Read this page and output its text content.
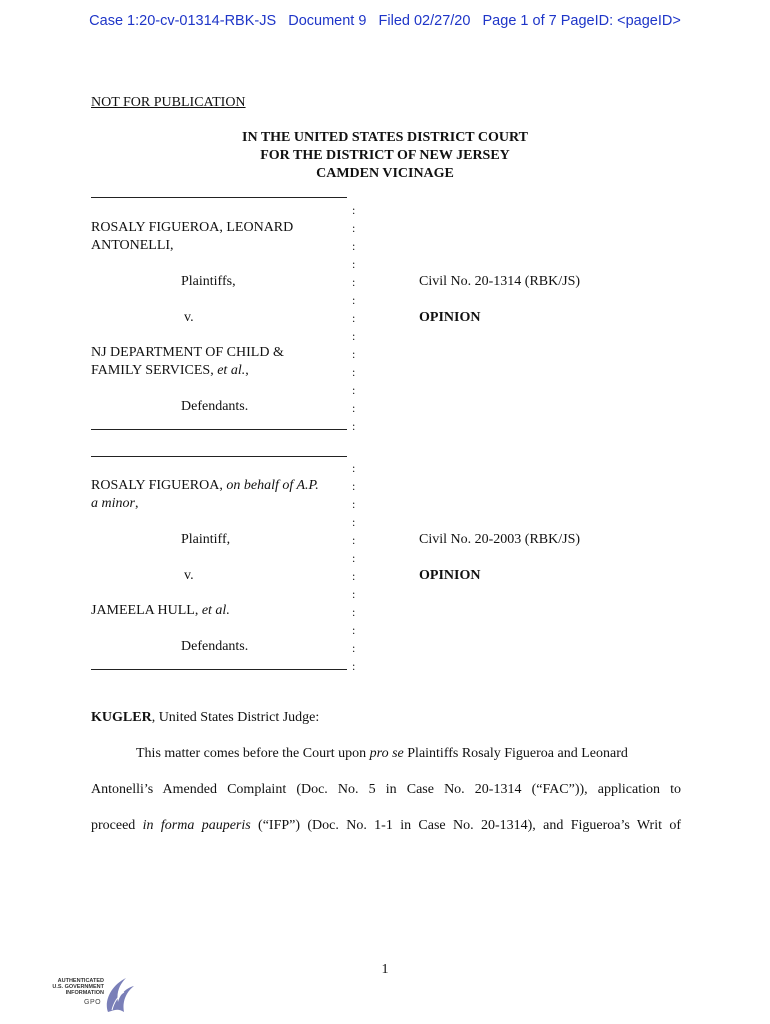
Case 1:20-cv-01314-RBK-JS Document 9 Filed 02/27/20 Page 1 of 7 PageID: <pageID>
NOT FOR PUBLICATION
IN THE UNITED STATES DISTRICT COURT
FOR THE DISTRICT OF NEW JERSEY
CAMDEN VICINAGE
:
:
:
:
:
:
:
:
:
:
:
:
:
ROSALY FIGUEROA, LEONARD
ANTONELLI,
Plaintiffs,
v.
NJ DEPARTMENT OF CHILD &
FAMILY SERVICES, et al.,
Defendants.
Civil No. 20-1314 (RBK/JS)
OPINION
:
:
:
:
:
:
:
:
:
:
:
:
ROSALY FIGUEROA, on behalf of A.P.
a minor,
Plaintiff,
v.
JAMEELA HULL, et al.
Defendants.
Civil No. 20-2003 (RBK/JS)
OPINION
KUGLER, United States District Judge:
This matter comes before the Court upon pro se Plaintiffs Rosaly Figueroa and Leonard
Antonelli’s Amended Complaint (Doc. No. 5 in Case No. 20-1314 (“FAC”)), application to
proceed in forma pauperis (“IFP”) (Doc. No. 1-1 in Case No. 20-1314), and Figueroa’s Writ of
1
AUTHENTICATED
U.S. GOVERNMENT
INFORMATION
GPO
